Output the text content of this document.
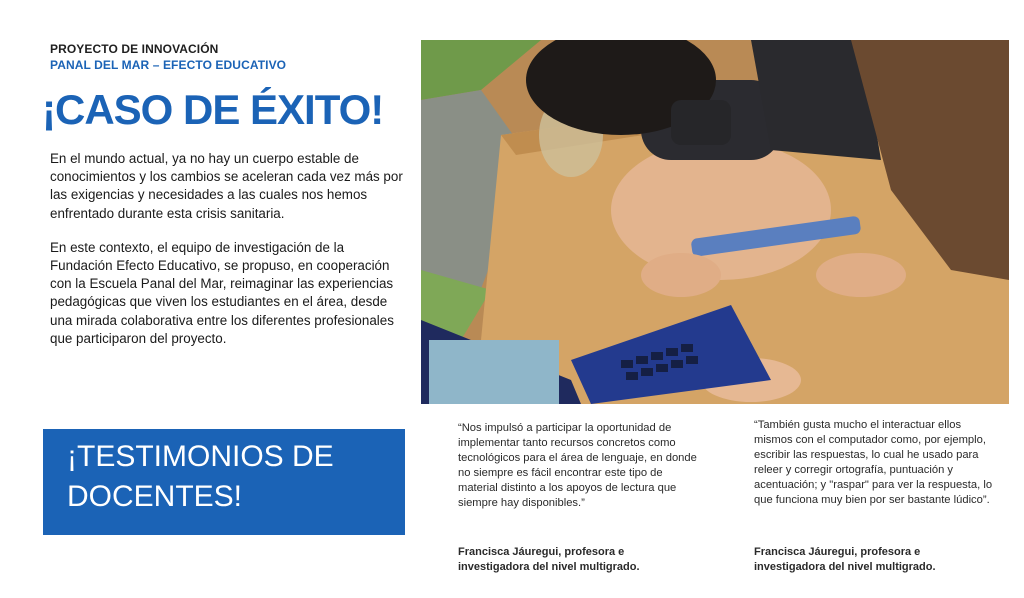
PROYECTO DE INNOVACIÓN
PANAL DEL MAR – EFECTO EDUCATIVO
¡CASO DE ÉXITO!

En el mundo actual, ya no hay un cuerpo estable de conocimientos y los cambios se aceleran cada vez más por las exigencias y necesidades a las cuales nos hemos enfrentado durante esta crisis sanitaria.

En este contexto, el equipo de investigación de la Fundación Efecto Educativo, se propuso, en cooperación con la Escuela Panal del Mar, reimaginar las experiencias pedagógicas que viven los estudiantes en el área, desde una mirada colaborativa entre los diferentes profesionales que participaron del proyecto.

¡TESTIMONIOS DE
DOCENTES!
“Nos impulsó a participar la oportunidad de implementar tanto recursos concretos como tecnológicos para el área de lenguaje, en donde no siempre es fácil encontrar este tipo de material distinto a los apoyos de lectura que siempre hay disponibles.”
“También gusta mucho el interactuar ellos mismos con el computador como, por ejemplo, escribir las respuestas, lo cual he usado para releer y corregir ortografía, puntuación y acentuación; y "raspar" para ver la respuesta, lo que funciona muy bien por ser bastante lúdico”.
Francisca Jáuregui, profesora e investigadora del nivel multigrado.
Francisca Jáuregui, profesora e investigadora del nivel multigrado.
